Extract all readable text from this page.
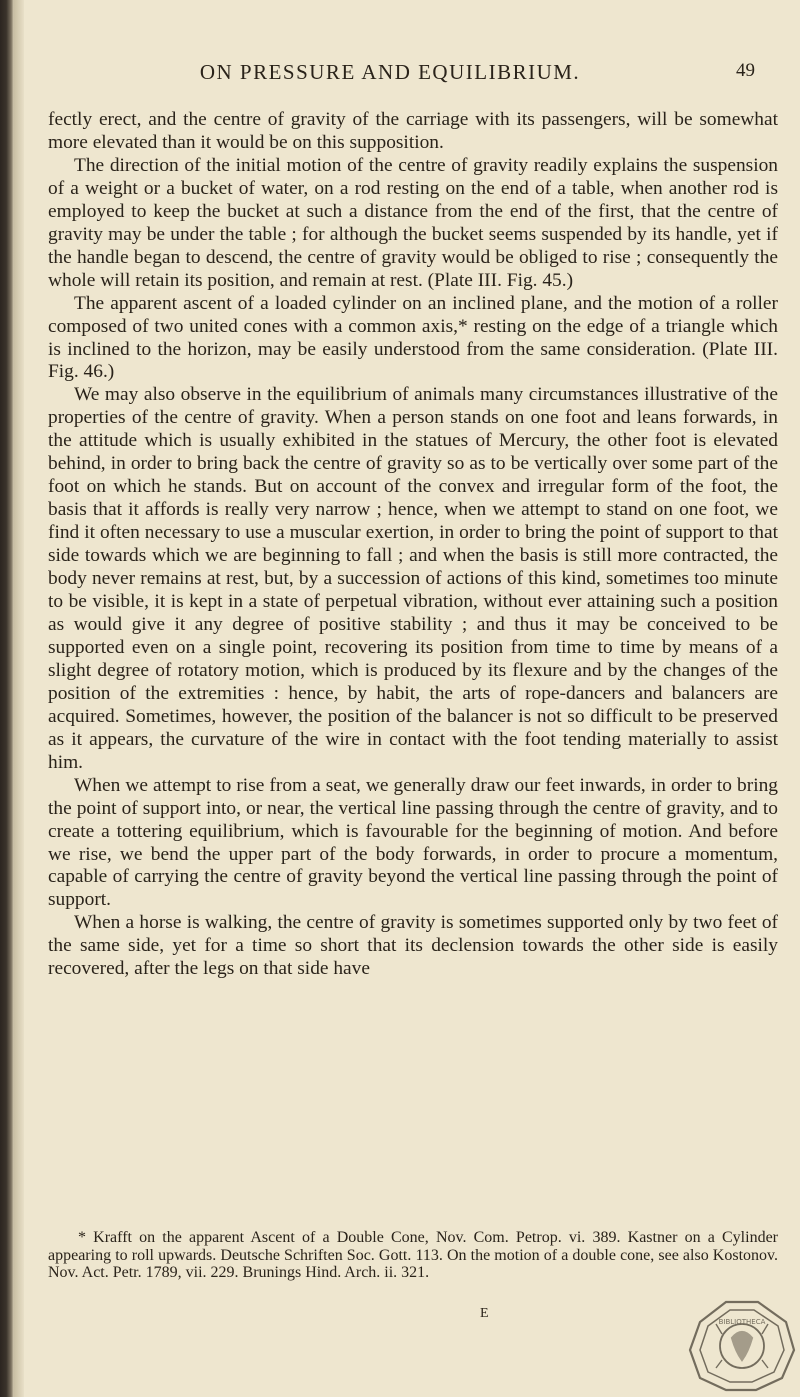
ON PRESSURE AND EQUILIBRIUM.	49

fectly erect, and the centre of gravity of the carriage with its passengers, will be somewhat more elevated than it would be on this supposition.

The direction of the initial motion of the centre of gravity readily explains the suspension of a weight or a bucket of water, on a rod resting on the end of a table, when another rod is employed to keep the bucket at such a distance from the end of the first, that the centre of gravity may be under the table ; for although the bucket seems suspended by its handle, yet if the handle began to descend, the centre of gravity would be obliged to rise ; consequently the whole will retain its position, and remain at rest. (Plate III. Fig. 45.)

The apparent ascent of a loaded cylinder on an inclined plane, and the motion of a roller composed of two united cones with a common axis,* resting on the edge of a triangle which is inclined to the horizon, may be easily understood from the same consideration. (Plate III. Fig. 46.)

We may also observe in the equilibrium of animals many circumstances illustrative of the properties of the centre of gravity. When a person stands on one foot and leans forwards, in the attitude which is usually exhibited in the statues of Mercury, the other foot is elevated behind, in order to bring back the centre of gravity so as to be vertically over some part of the foot on which he stands. But on account of the convex and irregular form of the foot, the basis that it affords is really very narrow ; hence, when we attempt to stand on one foot, we find it often necessary to use a muscular exertion, in order to bring the point of support to that side towards which we are beginning to fall ; and when the basis is still more contracted, the body never remains at rest, but, by a succession of actions of this kind, sometimes too minute to be visible, it is kept in a state of perpetual vibration, without ever attaining such a position as would give it any degree of positive stability ; and thus it may be conceived to be supported even on a single point, recovering its position from time to time by means of a slight degree of rotatory motion, which is produced by its flexure and by the changes of the position of the extremities : hence, by habit, the arts of rope-dancers and balancers are acquired. Sometimes, however, the position of the balancer is not so difficult to be preserved as it appears, the curvature of the wire in contact with the foot tending materially to assist him.

When we attempt to rise from a seat, we generally draw our feet inwards, in order to bring the point of support into, or near, the vertical line passing through the centre of gravity, and to create a tottering equilibrium, which is favourable for the beginning of motion. And before we rise, we bend the upper part of the body forwards, in order to procure a momentum, capable of carrying the centre of gravity beyond the vertical line passing through the point of support.

When a horse is walking, the centre of gravity is sometimes supported only by two feet of the same side, yet for a time so short that its declension towards the other side is easily recovered, after the legs on that side have

* Krafft on the apparent Ascent of a Double Cone, Nov. Com. Petrop. vi. 389. Kastner on a Cylinder appearing to roll upwards. Deutsche Schriften Soc. Gott. 113. On the motion of a double cone, see also Kostonov. Nov. Act. Petr. 1789, vii. 229. Brunings Hind. Arch. ii. 321.
E
BIBLIOTHECA
